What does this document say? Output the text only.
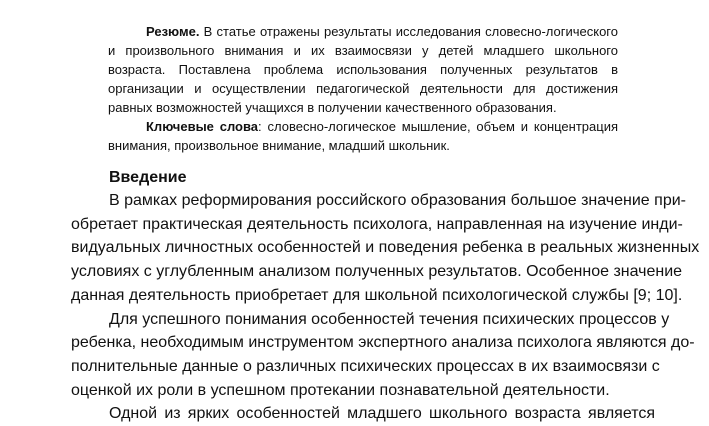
Резюме. В статье отражены результаты исследования словесно-логического и произвольного внимания и их взаимосвязи у детей младшего школьного возраста. Поставлена проблема использования полученных результатов в организации и осуществлении педагогической деятельности для достижения равных возможностей учащихся в получении качественного образования.

Ключевые слова: словесно-логическое мышление, объем и концентрация внимания, произвольное внимание, младший школьник.

Введение
В рамках реформирования российского образования большое значение при-
обретает практическая деятельность психолога, направленная на изучение инди-
видуальных личностных особенностей и поведения ребенка в реальных жизненных
условиях с углубленным анализом полученных результатов. Особенное значение
данная деятельность приобретает для школьной психологической службы [9; 10].
Для успешного понимания особенностей течения психических процессов у
ребенка, необходимым инструментом экспертного анализа психолога являются до-
полнительные данные о различных психических процессах в их взаимосвязи с
оценкой их роли в успешном протекании познавательной деятельности.
Одной из ярких особенностей младшего школьного возраста является
